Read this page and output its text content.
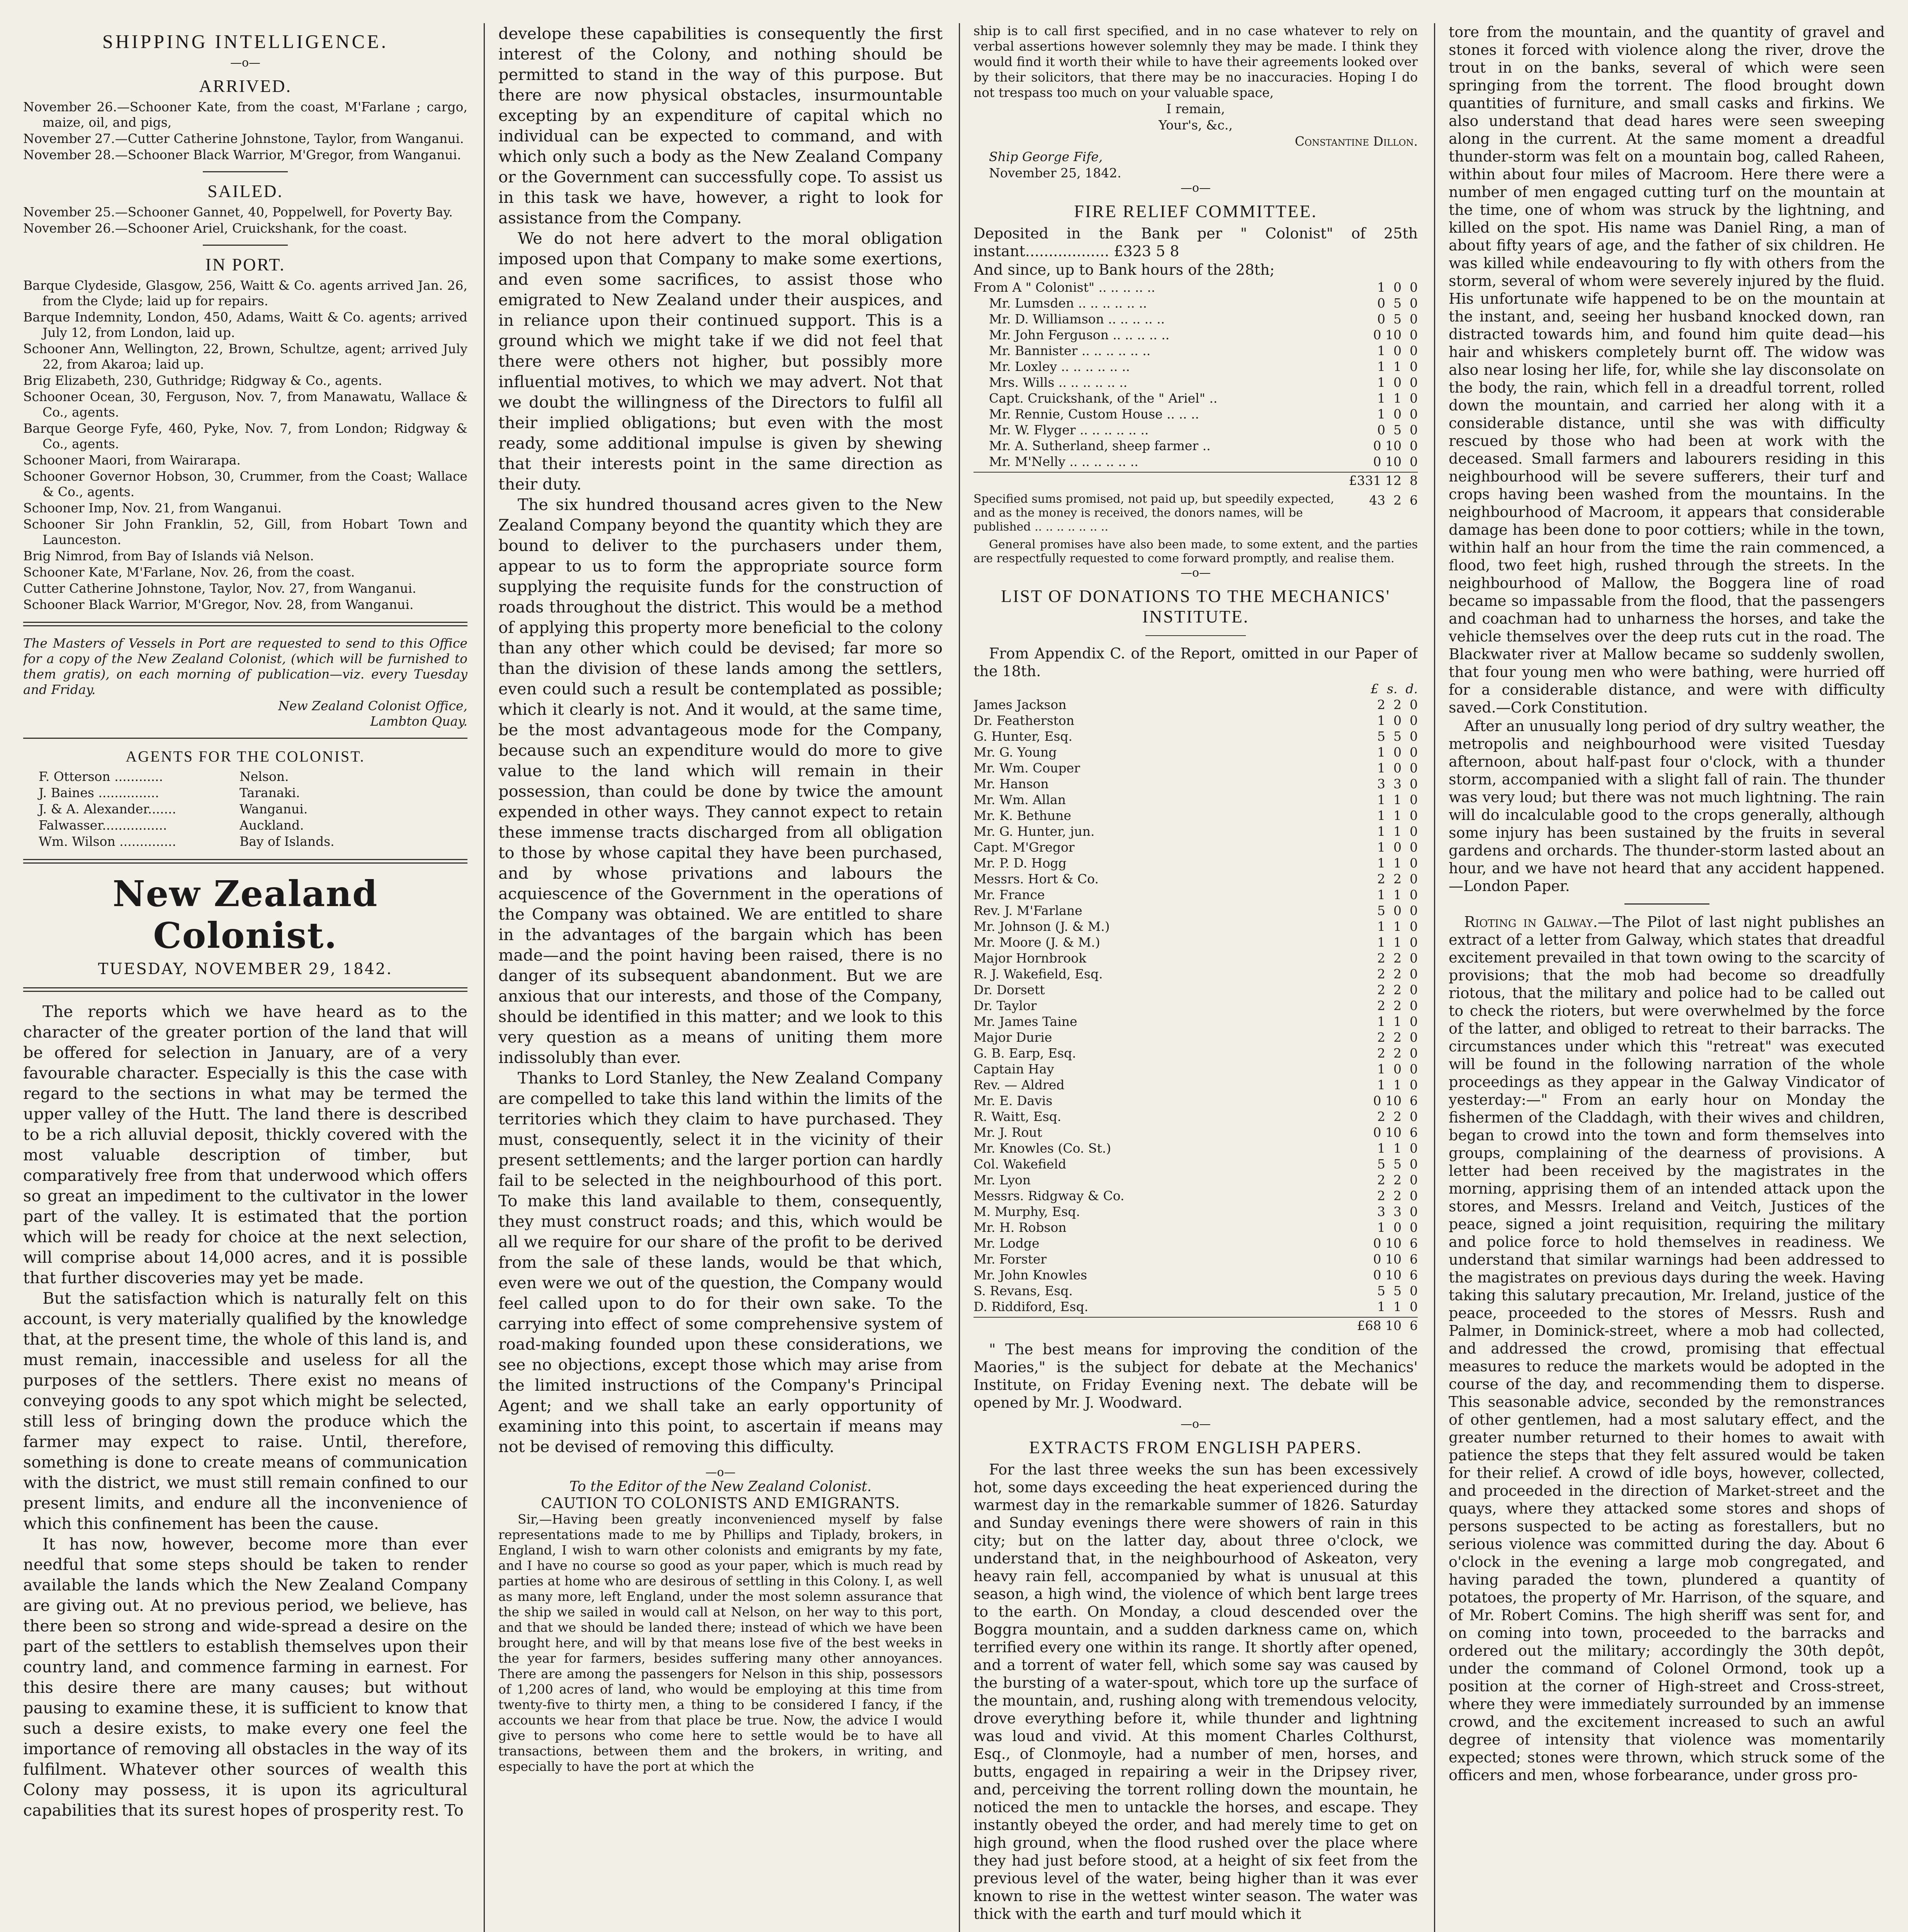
SHIPPING INTELLIGENCE.

—o—

ARRIVED.

November 26.—Schooner Kate, from the coast, M'Farlane ; cargo, maize, oil, and pigs,

November 27.—Cutter Catherine Johnstone, Taylor, from Wanganui.

November 28.—Schooner Black Warrior, M'Gregor, from Wanganui.

SAILED.

November 25.—Schooner Gannet, 40, Poppelwell, for Poverty Bay.

November 26.—Schooner Ariel, Cruickshank, for the coast.

IN PORT.

Barque Clydeside, Glasgow, 256, Waitt & Co. agents arrived Jan. 26, from the Clyde; laid up for repairs.

Barque Indemnity, London, 450, Adams, Waitt & Co. agents; arrived July 12, from London, laid up.

Schooner Ann, Wellington, 22, Brown, Schultze, agent; arrived July 22, from Akaroa; laid up.

Brig Elizabeth, 230, Guthridge; Ridgway & Co., agents.

Schooner Ocean, 30, Ferguson, Nov. 7, from Manawatu, Wallace & Co., agents.

Barque George Fyfe, 460, Pyke, Nov. 7, from London; Ridgway & Co., agents.

Schooner Maori, from Wairarapa.

Schooner Governor Hobson, 30, Crummer, from the Coast; Wallace & Co., agents.

Schooner Imp, Nov. 21, from Wanganui.

Schooner Sir John Franklin, 52, Gill, from Hobart Town and Launceston.

Brig Nimrod, from Bay of Islands viâ Nelson.

Schooner Kate, M'Farlane, Nov. 26, from the coast.

Cutter Catherine Johnstone, Taylor, Nov. 27, from Wanganui.

Schooner Black Warrior, M'Gregor, Nov. 28, from Wanganui.

The Masters of Vessels in Port are requested to send to this Office for a copy of the New Zealand Colonist, (which will be furnished to them gratis), on each morning of publication—viz. every Tuesday and Friday.

New Zealand Colonist Office,

Lambton Quay.

AGENTS FOR THE COLONIST.
F. Otterson ............	Nelson.
J. Baines ...............	Taranaki.
J. & A. Alexander.......	Wanganui.
Falwasser................	Auckland.
Wm. Wilson ..............	Bay of Islands.
New Zealand Colonist.
TUESDAY, NOVEMBER 29, 1842.

The reports which we have heard as to the character of the greater portion of the land that will be offered for selection in January, are of a very favourable character. Especially is this the case with regard to the sections in what may be termed the upper valley of the Hutt. The land there is described to be a rich alluvial deposit, thickly covered with the most valuable description of timber, but comparatively free from that underwood which offers so great an impediment to the cultivator in the lower part of the valley. It is estimated that the portion which will be ready for choice at the next selection, will comprise about 14,000 acres, and it is possible that further discoveries may yet be made.

But the satisfaction which is naturally felt on this account, is very materially qualified by the knowledge that, at the present time, the whole of this land is, and must remain, inaccessible and useless for all the purposes of the settlers. There exist no means of conveying goods to any spot which might be selected, still less of bringing down the produce which the farmer may expect to raise. Until, therefore, something is done to create means of communication with the district, we must still remain confined to our present limits, and endure all the inconvenience of which this confinement has been the cause.

It has now, however, become more than ever needful that some steps should be taken to render available the lands which the New Zealand Company are giving out. At no previous period, we believe, has there been so strong and wide-spread a desire on the part of the settlers to establish themselves upon their country land, and commence farming in earnest. For this desire there are many causes; but without pausing to examine these, it is sufficient to know that such a desire exists, to make every one feel the importance of removing all obstacles in the way of its fulfilment. Whatever other sources of wealth this Colony may possess, it is upon its agricultural capabilities that its surest hopes of prosperity rest. To

develope these capabilities is consequently the first interest of the Colony, and nothing should be permitted to stand in the way of this purpose. But there are now physical obstacles, insurmountable excepting by an expenditure of capital which no individual can be expected to command, and with which only such a body as the New Zealand Company or the Government can successfully cope. To assist us in this task we have, however, a right to look for assistance from the Company.

We do not here advert to the moral obligation imposed upon that Company to make some exertions, and even some sacrifices, to assist those who emigrated to New Zealand under their auspices, and in reliance upon their continued support. This is a ground which we might take if we did not feel that there were others not higher, but possibly more influential motives, to which we may advert. Not that we doubt the willingness of the Directors to fulfil all their implied obligations; but even with the most ready, some additional impulse is given by shewing that their interests point in the same direction as their duty.

The six hundred thousand acres given to the New Zealand Company beyond the quantity which they are bound to deliver to the purchasers under them, appear to us to form the appropriate source form supplying the requisite funds for the construction of roads throughout the district. This would be a method of applying this property more beneficial to the colony than any other which could be devised; far more so than the division of these lands among the settlers, even could such a result be contemplated as possible; which it clearly is not. And it would, at the same time, be the most advantageous mode for the Company, because such an expenditure would do more to give value to the land which will remain in their possession, than could be done by twice the amount expended in other ways. They cannot expect to retain these immense tracts discharged from all obligation to those by whose capital they have been purchased, and by whose privations and labours the acquiescence of the Government in the operations of the Company was obtained. We are entitled to share in the advantages of the bargain which has been made—and the point having been raised, there is no danger of its subsequent abandonment. But we are anxious that our interests, and those of the Company, should be identified in this matter; and we look to this very question as a means of uniting them more indissolubly than ever.

Thanks to Lord Stanley, the New Zealand Company are compelled to take this land within the limits of the territories which they claim to have purchased. They must, consequently, select it in the vicinity of their present settlements; and the larger portion can hardly fail to be selected in the neighbourhood of this port. To make this land available to them, consequently, they must construct roads; and this, which would be all we require for our share of the profit to be derived from the sale of these lands, would be that which, even were we out of the question, the Company would feel called upon to do for their own sake. To the carrying into effect of some comprehensive system of road-making founded upon these considerations, we see no objections, except those which may arise from the limited instructions of the Company's Principal Agent; and we shall take an early opportunity of examining into this point, to ascertain if means may not be devised of removing this difficulty.

—o—

To the Editor of the New Zealand Colonist.

CAUTION TO COLONISTS AND EMIGRANTS.

Sir,—Having been greatly inconvenienced myself by false representations made to me by Phillips and Tiplady, brokers, in England, I wish to warn other colonists and emigrants by my fate, and I have no course so good as your paper, which is much read by parties at home who are desirous of settling in this Colony. I, as well as many more, left England, under the most solemn assurance that the ship we sailed in would call at Nelson, on her way to this port, and that we should be landed there; instead of which we have been brought here, and will by that means lose five of the best weeks in the year for farmers, besides suffering many other annoyances. There are among the passengers for Nelson in this ship, possessors of 1,200 acres of land, who would be employing at this time from twenty-five to thirty men, a thing to be considered I fancy, if the accounts we hear from that place be true. Now, the advice I would give to persons who come here to settle would be to have all transactions, between them and the brokers, in writing, and especially to have the port at which the

ship is to call first specified, and in no case whatever to rely on verbal assertions however solemnly they may be made. I think they would find it worth their while to have their agreements looked over by their solicitors, that there may be no inaccuracies. Hoping I do not trespass too much on your valuable space,

I remain,

Your's, &c.,

Constantine Dillon.

Ship George Fife,

November 25, 1842.

—o—

FIRE RELIEF COMMITTEE.

Deposited in the Bank per " Colonist" of 25th instant.................. £323 5 8

And since, up to Bank hours of the 28th;

From A " Colonist" .. .. .. .. ..	1  0  0
Mr. Lumsden .. .. .. .. .. ..	0  5  0
Mr. D. Williamson .. .. .. .. ..	0  5  0
Mr. John Ferguson .. .. .. .. ..	0 10  0
Mr. Bannister .. .. .. .. .. ..	1  0  0
Mr. Loxley .. .. .. .. .. ..	1  1  0
Mrs. Wills .. .. .. .. .. ..	1  0  0
Capt. Cruickshank, of the " Ariel" ..	1  1  0
Mr. Rennie, Custom House .. .. ..	1  0  0
Mr. W. Flyger .. .. .. .. .. ..	0  5  0
Mr. A. Sutherland, sheep farmer ..	0 10  0
Mr. M'Nelly .. .. .. .. .. ..	0 10  0
£331 12  8
Specified sums promised, not paid up, but speedily expected, and as the money is received, the donors names, will be published .. .. .. .. .. .. ..
43  2  6

General promises have also been made, to some extent, and the parties are respectfully requested to come forward promptly, and realise them.

—o—

LIST OF DONATIONS TO THE MECHANICS' INSTITUTE.

From Appendix C. of the Report, omitted in our Paper of the 18th.

£  s.  d.
James Jackson	2  2  0
Dr. Featherston	1  0  0
G. Hunter, Esq.	5  5  0
Mr. G. Young	1  0  0
Mr. Wm. Couper	1  0  0
Mr. Hanson	3  3  0
Mr. Wm. Allan	1  1  0
Mr. K. Bethune	1  1  0
Mr. G. Hunter, jun.	1  1  0
Capt. M'Gregor	1  0  0
Mr. P. D. Hogg	1  1  0
Messrs. Hort & Co.	2  2  0
Mr. France	1  1  0
Rev. J. M'Farlane	5  0  0
Mr. Johnson (J. & M.)	1  1  0
Mr. Moore (J. & M.)	1  1  0
Major Hornbrook	2  2  0
R. J. Wakefield, Esq.	2  2  0
Dr. Dorsett	2  2  0
Dr. Taylor	2  2  0
Mr. James Taine	1  1  0
Major Durie	2  2  0
G. B. Earp, Esq.	2  2  0
Captain Hay	1  0  0
Rev. — Aldred	1  1  0
Mr. E. Davis	0 10  6
R. Waitt, Esq.	2  2  0
Mr. J. Rout	0 10  6
Mr. Knowles (Co. St.)	1  1  0
Col. Wakefield	5  5  0
Mr. Lyon	2  2  0
Messrs. Ridgway & Co.	2  2  0
M. Murphy, Esq.	3  3  0
Mr. H. Robson	1  0  0
Mr. Lodge	0 10  6
Mr. Forster	0 10  6
Mr. John Knowles	0 10  6
S. Revans, Esq.	5  5  0
D. Riddiford, Esq.	1  1  0
£68 10  6

" The best means for improving the condition of the Maories," is the subject for debate at the Mechanics' Institute, on Friday Evening next. The debate will be opened by Mr. J. Woodward.

—o—

EXTRACTS FROM ENGLISH PAPERS.

For the last three weeks the sun has been excessively hot, some days exceeding the heat experienced during the warmest day in the remarkable summer of 1826. Saturday and Sunday evenings there were showers of rain in this city; but on the latter day, about three o'clock, we understand that, in the neighbourhood of Askeaton, very heavy rain fell, accompanied by what is unusual at this season, a high wind, the violence of which bent large trees to the earth. On Monday, a cloud descended over the Boggra mountain, and a sudden darkness came on, which terrified every one within its range. It shortly after opened, and a torrent of water fell, which some say was caused by the bursting of a water-spout, which tore up the surface of the mountain, and, rushing along with tremendous velocity, drove everything before it, while thunder and lightning was loud and vivid. At this moment Charles Colthurst, Esq., of Clonmoyle, had a number of men, horses, and butts, engaged in repairing a weir in the Dripsey river, and, perceiving the torrent rolling down the mountain, he noticed the men to untackle the horses, and escape. They instantly obeyed the order, and had merely time to get on high ground, when the flood rushed over the place where they had just before stood, at a height of six feet from the previous level of the water, being higher than it was ever known to rise in the wettest winter season. The water was thick with the earth and turf mould which it

tore from the mountain, and the quantity of gravel and stones it forced with violence along the river, drove the trout in on the banks, several of which were seen springing from the torrent. The flood brought down quantities of furniture, and small casks and firkins. We also understand that dead hares were seen sweeping along in the current. At the same moment a dreadful thunder-storm was felt on a mountain bog, called Raheen, within about four miles of Macroom. Here there were a number of men engaged cutting turf on the mountain at the time, one of whom was struck by the lightning, and killed on the spot. His name was Daniel Ring, a man of about fifty years of age, and the father of six children. He was killed while endeavouring to fly with others from the storm, several of whom were severely injured by the fluid. His unfortunate wife happened to be on the mountain at the instant, and, seeing her husband knocked down, ran distracted towards him, and found him quite dead—his hair and whiskers completely burnt off. The widow was also near losing her life, for, while she lay disconsolate on the body, the rain, which fell in a dreadful torrent, rolled down the mountain, and carried her along with it a considerable distance, until she was with difficulty rescued by those who had been at work with the deceased. Small farmers and labourers residing in this neighbourhood will be severe sufferers, their turf and crops having been washed from the mountains. In the neighbourhood of Macroom, it appears that considerable damage has been done to poor cottiers; while in the town, within half an hour from the time the rain commenced, a flood, two feet high, rushed through the streets. In the neighbourhood of Mallow, the Boggera line of road became so impassable from the flood, that the passengers and coachman had to unharness the horses, and take the vehicle themselves over the deep ruts cut in the road. The Blackwater river at Mallow became so suddenly swollen, that four young men who were bathing, were hurried off for a considerable distance, and were with difficulty saved.—Cork Constitution.

After an unusually long period of dry sultry weather, the metropolis and neighbourhood were visited Tuesday afternoon, about half-past four o'clock, with a thunder storm, accompanied with a slight fall of rain. The thunder was very loud; but there was not much lightning. The rain will do incalculable good to the crops generally, although some injury has been sustained by the fruits in several gardens and orchards. The thunder-storm lasted about an hour, and we have not heard that any accident happened.—London Paper.

Rioting in Galway.—The Pilot of last night publishes an extract of a letter from Galway, which states that dreadful excitement prevailed in that town owing to the scarcity of provisions; that the mob had become so dreadfully riotous, that the military and police had to be called out to check the rioters, but were overwhelmed by the force of the latter, and obliged to retreat to their barracks. The circumstances under which this "retreat" was executed will be found in the following narration of the whole proceedings as they appear in the Galway Vindicator of yesterday:—" From an early hour on Monday the fishermen of the Claddagh, with their wives and children, began to crowd into the town and form themselves into groups, complaining of the dearness of provisions. A letter had been received by the magistrates in the morning, apprising them of an intended attack upon the stores, and Messrs. Ireland and Veitch, Justices of the peace, signed a joint requisition, requiring the military and police force to hold themselves in readiness. We understand that similar warnings had been addressed to the magistrates on previous days during the week. Having taking this salutary precaution, Mr. Ireland, justice of the peace, proceeded to the stores of Messrs. Rush and Palmer, in Dominick-street, where a mob had collected, and addressed the crowd, promising that effectual measures to reduce the markets would be adopted in the course of the day, and recommending them to disperse. This seasonable advice, seconded by the remonstrances of other gentlemen, had a most salutary effect, and the greater number returned to their homes to await with patience the steps that they felt assured would be taken for their relief. A crowd of idle boys, however, collected, and proceeded in the direction of Market-street and the quays, where they attacked some stores and shops of persons suspected to be acting as forestallers, but no serious violence was committed during the day. About 6 o'clock in the evening a large mob congregated, and having paraded the town, plundered a quantity of potatoes, the property of Mr. Harrison, of the square, and of Mr. Robert Comins. The high sheriff was sent for, and on coming into town, proceeded to the barracks and ordered out the military; accordingly the 30th depôt, under the command of Colonel Ormond, took up a position at the corner of High-street and Cross-street, where they were immediately surrounded by an immense crowd, and the excitement increased to such an awful degree of intensity that violence was momentarily expected; stones were thrown, which struck some of the officers and men, whose forbearance, under gross pro-
